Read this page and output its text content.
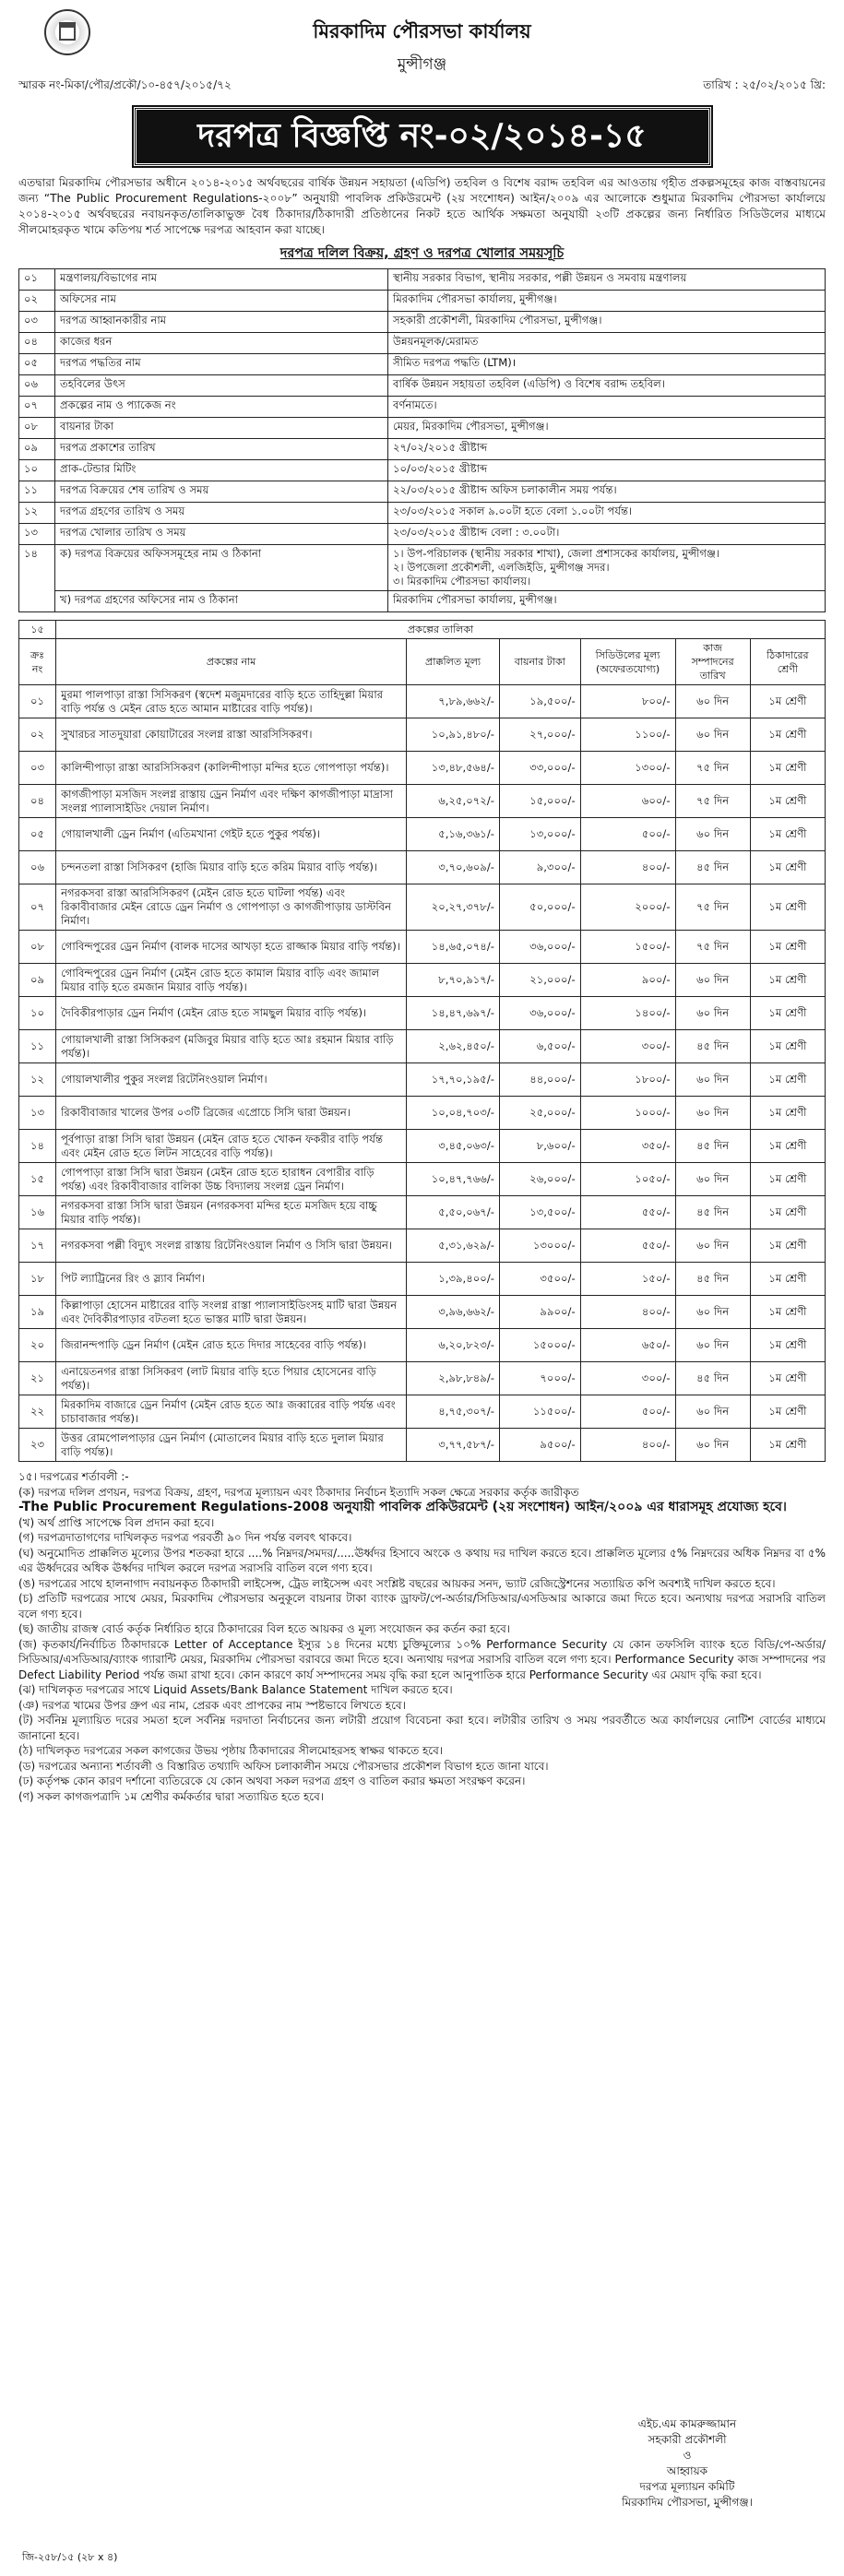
মিরকাদিম পৌরসভা কার্যালয়
মুন্সীগঞ্জ
স্মারক নং-মিকা/পৌর/প্রকৌ/১০-৪৫৭/২০১৫/৭২	তারিখ : ২৫/০২/২০১৫ খ্রি:
দরপত্র বিজ্ঞপ্তি নং-০২/২০১৪-১৫
এতদ্বারা মিরকাদিম পৌরসভার অধীনে ২০১৪-২০১৫ অর্থবছরের বার্ষিক উন্নয়ন সহায়তা (এডিপি) তহবিল ও বিশেষ বরাদ্দ তহবিল এর আওতায় গৃহীত প্রকল্পসমূহের কাজ বাস্তবায়নের জন্য “The Public Procurement Regulations-২০০৮” অনুযায়ী পাবলিক প্রকিউরমেন্ট (২য় সংশোধন) আইন/২০০৯ এর আলোকে শুধুমাত্র মিরকাদিম পৌরসভা কার্যালয়ে ২০১৪-২০১৫ অর্থবছরের নবায়নকৃত/তালিকাভুক্ত বৈধ ঠিকাদার/ঠিকাদারী প্রতিষ্ঠানের নিকট হতে আর্থিক সক্ষমতা অনুযায়ী ২৩টি প্রকল্পের জন্য নির্ধারিত সিডিউলের মাধ্যমে সীলমোহরকৃত খামে কতিপয় শর্ত সাপেক্ষে দরপত্র আহবান করা যাচ্ছে।
দরপত্র দলিল বিক্রয়, গ্রহণ ও দরপত্র খোলার সময়সূচি
০১	মন্ত্রণালয়/বিভাগের নাম	স্থানীয় সরকার বিভাগ, স্থানীয় সরকার, পল্লী উন্নয়ন ও সমবায় মন্ত্রণালয়
০২	অফিসের নাম	মিরকাদিম পৌরসভা কার্যালয়, মুন্সীগঞ্জ।
০৩	দরপত্র আহ্বানকারীর নাম	সহকারী প্রকৌশলী, মিরকাদিম পৌরসভা, মুন্সীগঞ্জ।
০৪	কাজের ধরন	উন্নয়নমূলক/মেরামত
০৫	দরপত্র পদ্ধতির নাম	সীমিত দরপত্র পদ্ধতি (LTM)।
০৬	তহবিলের উৎস	বার্ষিক উন্নয়ন সহায়তা তহবিল (এডিপি) ও বিশেষ বরাদ্দ তহবিল।
০৭	প্রকল্পের নাম ও প্যাকেজ নং	বর্ণনামতে।
০৮	বায়নার টাকা	মেয়র, মিরকাদিম পৌরসভা, মুন্সীগঞ্জ।
০৯	দরপত্র প্রকাশের তারিখ	২৭/০২/২০১৫ খ্রীষ্টাব্দ
১০	প্রাক-টেন্ডার মিটিং	১০/০৩/২০১৫ খ্রীষ্টাব্দ
১১	দরপত্র বিক্রয়ের শেষ তারিখ ও সময়	২২/০৩/২০১৫ খ্রীষ্টাব্দ অফিস চলাকালীন সময় পর্যন্ত।
১২	দরপত্র গ্রহণের তারিখ ও সময়	২৩/০৩/২০১৫ সকাল ৯.০০টা হতে বেলা ১.০০টা পর্যন্ত।
১৩	দরপত্র খোলার তারিখ ও সময়	২৩/০৩/২০১৫ খ্রীষ্টাব্দ বেলা : ৩.০০টা।
১৪	ক) দরপত্র বিক্রয়ের অফিসসমূহের নাম ও ঠিকানা	১। উপ-পরিচালক (স্থানীয় সরকার শাখা), জেলা প্রশাসকের কার্যালয়, মুন্সীগঞ্জ।
২। উপজেলা প্রকৌশলী, এলজিইডি, মুন্সীগঞ্জ সদর।
৩। মিরকাদিম পৌরসভা কার্যালয়।

	খ) দরপত্র গ্রহণের অফিসের নাম ও ঠিকানা	মিরকাদিম পৌরসভা কার্যালয়, মুন্সীগঞ্জ।
১৫	প্রকল্পের তালিকা					
ক্রঃ নং	প্রকল্পের নাম	প্রাক্কলিত মূল্য	বায়নার টাকা	সিডিউলের মূল্য (অফেরতযোগ্য)	কাজ সম্পাদনের তারিখ	ঠিকাদারের শ্রেণী
০১	মুরমা পালপাড়া রাস্তা সিসিকরণ (স্বদেশ মজুমদারের বাড়ি হতে তাহিদুল্লা মিয়ার বাড়ি পর্যন্ত ও মেইন রোড হতে আমান মাষ্টারের বাড়ি পর্যন্ত)।	৭,৮৯,৬৬২/-	১৯,৫০০/-	৮০০/-	৬০ দিন	১ম শ্রেণী
০২	সুখারচর সাতদুয়ারা কোয়াটারের সংলগ্ন রাস্তা আরসিসিকরণ।	১০,৯১,৪৮০/-	২৭,০০০/-	১১০০/-	৬০ দিন	১ম শ্রেণী
০৩	কালিন্দীপাড়া রাস্তা আরসিসিকরণ (কালিন্দীপাড়া মন্দির হতে গোপপাড়া পর্যন্ত)।	১৩,৪৮,৫৬৪/-	৩৩,০০০/-	১৩০০/-	৭৫ দিন	১ম শ্রেণী
০৪	কাগজীপাড়া মসজিদ সংলগ্ন রাস্তায় ড্রেন নির্মাণ এবং দক্ষিণ কাগজীপাড়া মাদ্রাসা সংলগ্ন প্যালাসাইডিং দেয়াল নির্মাণ।	৬,২৫,০৭২/-	১৫,০০০/-	৬০০/-	৭৫ দিন	১ম শ্রেণী
০৫	গোয়ালখালী ড্রেন নির্মাণ (এতিমখানা গেইট হতে পুকুর পর্যন্ত)।	৫,১৬,৩৬১/-	১৩,০০০/-	৫০০/-	৬০ দিন	১ম শ্রেণী
০৬	চন্দনতলা রাস্তা সিসিকরণ (হাজি মিয়ার বাড়ি হতে করিম মিয়ার বাড়ি পর্যন্ত)।	৩,৭০,৬০৯/-	৯,৩০০/-	৪০০/-	৪৫ দিন	১ম শ্রেণী
০৭	নগরকসবা রাস্তা আরসিসিকরণ (মেইন রোড হতে ঘাটলা পর্যন্ত) এবং রিকাবীবাজার মেইন রোডে ড্রেন নির্মাণ ও গোপপাড়া ও কাগজীপাড়ায় ডাস্টবিন নির্মাণ।	২০,২৭,৩৭৮/-	৫০,০০০/-	২০০০/-	৭৫ দিন	১ম শ্রেণী
০৮	গোবিন্দপুরের ড্রেন নির্মাণ (বালক দাসের আখড়া হতে রাজ্জাক মিয়ার বাড়ি পর্যন্ত)।	১৪,৬৫,০৭৪/-	৩৬,০০০/-	১৫০০/-	৭৫ দিন	১ম শ্রেণী
০৯	গোবিন্দপুরের ড্রেন নির্মাণ (মেইন রোড হতে কামাল মিয়ার বাড়ি এবং জামাল মিয়ার বাড়ি হতে রমজান মিয়ার বাড়ি পর্যন্ত)।	৮,৭০,৯১৭/-	২১,০০০/-	৯০০/-	৬০ দিন	১ম শ্রেণী
১০	দৈবিকীরপাড়ার ড্রেন নির্মাণ (মেইন রোড হতে সামছুল মিয়ার বাড়ি পর্যন্ত)।	১৪,৪৭,৬৯৭/-	৩৬,০০০/-	১৪০০/-	৬০ দিন	১ম শ্রেণী
১১	গোয়ালখালী রাস্তা সিসিকরণ (মজিবুর মিয়ার বাড়ি হতে আঃ রহমান মিয়ার বাড়ি পর্যন্ত)।	২,৬২,৪৫০/-	৬,৫০০/-	৩০০/-	৪৫ দিন	১ম শ্রেণী
১২	গোয়ালখালীর পুকুর সংলগ্ন রিটেনিংওয়াল নির্মাণ।	১৭,৭০,১৯৫/-	৪৪,০০০/-	১৮০০/-	৬০ দিন	১ম শ্রেণী
১৩	রিকাবীবাজার খালের উপর ০৩টি ব্রিজের এপ্রোচে সিসি দ্বারা উন্নয়ন।	১০,০৪,৭০৩/-	২৫,০০০/-	১০০০/-	৬০ দিন	১ম শ্রেণী
১৪	পূর্বপাড়া রাস্তা সিসি দ্বারা উন্নয়ন (মেইন রোড হতে খোকন ফকরীর বাড়ি পর্যন্ত এবং মেইন রোড হতে লিটন সাহেবের বাড়ি পর্যন্ত)।	৩,৪৫,০৬৩/-	৮,৬০০/-	৩৫০/-	৪৫ দিন	১ম শ্রেণী
১৫	গোপপাড়া রাস্তা সিসি দ্বারা উন্নয়ন (মেইন রোড হতে হারাধন বেপারীর বাড়ি পর্যন্ত) এবং রিকাবীবাজার বালিকা উচ্চ বিদ্যালয় সংলগ্ন ড্রেন নির্মাণ।	১০,৪৭,৭৬৬/-	২৬,০০০/-	১০৫০/-	৬০ দিন	১ম শ্রেণী
১৬	নগরকসবা রাস্তা সিসি দ্বারা উন্নয়ন (নগরকসবা মন্দির হতে মসজিদ হয়ে বাচ্চু মিয়ার বাড়ি পর্যন্ত)।	৫,৫০,০৬৭/-	১৩,৫০০/-	৫৫০/-	৪৫ দিন	১ম শ্রেণী
১৭	নগরকসবা পল্লী বিদ্যুৎ সংলগ্ন রাস্তায় রিটেনিংওয়াল নির্মাণ ও সিসি দ্বারা উন্নয়ন।	৫,৩১,৬২৯/-	১৩০০০/-	৫৫০/-	৬০ দিন	১ম শ্রেণী
১৮	পিট ল্যাট্রিনের রিং ও স্ল্যাব নির্মাণ।	১,৩৯,৪০০/-	৩৫০০/-	১৫০/-	৪৫ দিন	১ম শ্রেণী
১৯	কিল্লাপাড়া হোসেন মাষ্টারের বাড়ি সংলগ্ন রাস্তা প্যালাসাইডিংসহ মাটি দ্বারা উন্নয়ন এবং দৈবিকীরপাড়ার বটতলা হতে ভাস্তর মাটি দ্বারা উন্নয়ন।	৩,৯৬,৬৬২/-	৯৯০০/-	৪০০/-	৬০ দিন	১ম শ্রেণী
২০	জিরানন্দপাড়ি ড্রেন নির্মাণ (মেইন রোড হতে দিদার সাহেবের বাড়ি পর্যন্ত)।	৬,২০,৮২৩/-	১৫০০০/-	৬৫০/-	৬০ দিন	১ম শ্রেণী
২১	এনায়েতনগর রাস্তা সিসিকরণ (লাট মিয়ার বাড়ি হতে পিয়ার হোসেনের বাড়ি পর্যন্ত)।	২,৯৮,৮৪৯/-	৭০০০/-	৩০০/-	৪৫ দিন	১ম শ্রেণী
২২	মিরকাদিম বাজারে ড্রেন নির্মাণ (মেইন রোড হতে আঃ জব্বারের বাড়ি পর্যন্ত এবং চাচাবাজার পর্যন্ত)।	৪,৭৫,৩০৭/-	১১৫০০/-	৫০০/-	৬০ দিন	১ম শ্রেণী
২৩	উত্তর রোমপোলপাড়ার ড্রেন নির্মাণ (মোতালেব মিয়ার বাড়ি হতে দুলাল মিয়ার বাড়ি পর্যন্ত)।	৩,৭৭,৫৮৭/-	৯৫০০/-	৪০০/-	৬০ দিন	১ম শ্রেণী
১৫। দরপত্রের শর্তাবলী :-
(ক) দরপত্র দলিল প্রণয়ন, দরপত্র বিক্রয়, গ্রহণ, দরপত্র মূল্যায়ন এবং ঠিকাদার নির্বাচন ইত্যাদি সকল ক্ষেত্রে সরকার কর্তৃক জারীকৃত
-The Public Procurement Regulations-2008 অনুযায়ী পাবলিক প্রকিউরমেন্ট (২য় সংশোধন) আইন/২০০৯ এর ধারাসমূহ প্রযোজ্য হবে।
(খ) অর্থ প্রাপ্তি সাপেক্ষে বিল প্রদান করা হবে।
(গ) দরপত্রদাতাগণের দাখিলকৃত দরপত্র পরবর্তী ৯০ দিন পর্যন্ত বলবৎ থাকবে।
(ঘ) অনুমোদিত প্রাক্কলিত মূল্যের উপর শতকরা হারে ....% নিম্নদর/সমদর/.....ঊর্ধ্বদর হিসাবে অংকে ও কথায় দর দাখিল করতে হবে। প্রাক্কলিত মূল্যের ৫% নিম্নদরের অধিক নিম্নদর বা ৫% এর ঊর্ধ্বদরের অধিক ঊর্ধ্বদর দাখিল করলে দরপত্র সরাসরি বাতিল বলে গণ্য হবে।
(ঙ) দরপত্রের সাথে হালনাগাদ নবায়নকৃত ঠিকাদারী লাইসেন্স, ট্রেড লাইসেন্স এবং সংশ্লিষ্ট বছরের আয়কর সনদ, ভ্যাট রেজিস্ট্রেশনের সত্যায়িত কপি অবশ্যই দাখিল করতে হবে।
(চ) প্রতিটি দরপত্রের সাথে মেয়র, মিরকাদিম পৌরসভার অনুকূলে বায়নার টাকা ব্যাংক ড্রাফট/পে-অর্ডার/সিডিআর/এসডিআর আকারে জমা দিতে হবে। অন্যথায় দরপত্র সরাসরি বাতিল বলে গণ্য হবে।
(ছ) জাতীয় রাজস্ব বোর্ড কর্তৃক নির্ধারিত হারে ঠিকাদারের বিল হতে আয়কর ও মূল্য সংযোজন কর কর্তন করা হবে।
(জ) কৃতকার্য/নির্বাচিত ঠিকাদারকে Letter of Acceptance ইস্যুর ১৪ দিনের মধ্যে চুক্তিমূল্যের ১০% Performance Security যে কোন তফসিলি ব্যাংক হতে বিডি/পে-অর্ডার/সিডিআর/এসডিআর/ব্যাংক গ্যারান্টি মেয়র, মিরকাদিম পৌরসভা বরাবরে জমা দিতে হবে। অন্যথায় দরপত্র সরাসরি বাতিল বলে গণ্য হবে। Performance Security কাজ সম্পাদনের পর Defect Liability Period পর্যন্ত জমা রাখা হবে। কোন কারণে কার্য সম্পাদনের সময় বৃদ্ধি করা হলে আনুপাতিক হারে Performance Security এর মেয়াদ বৃদ্ধি করা হবে।
(ঝ) দাখিলকৃত দরপত্রের সাথে Liquid Assets/Bank Balance Statement দাখিল করতে হবে।
(ঞ) দরপত্র খামের উপর গ্রুপ এর নাম, প্রেরক এবং প্রাপকের নাম স্পষ্টভাবে লিখতে হবে।
(ট) সর্বনিম্ন মূল্যায়িত দরের সমতা হলে সর্বনিম্ন দরদাতা নির্বাচনের জন্য লটারী প্রয়োগ বিবেচনা করা হবে। লটারীর তারিখ ও সময় পরবর্তীতে অত্র কার্যালয়ের নোটিশ বোর্ডের মাধ্যমে জানানো হবে।
(ঠ) দাখিলকৃত দরপত্রের সকল কাগজের উভয় পৃষ্ঠায় ঠিকাদারের সীলমোহরসহ স্বাক্ষর থাকতে হবে।
(ড) দরপত্রের অন্যান্য শর্তাবলী ও বিস্তারিত তথ্যাদি অফিস চলাকালীন সময়ে পৌরসভার প্রকৌশল বিভাগ হতে জানা যাবে।
(ঢ) কর্তৃপক্ষ কোন কারণ দর্শানো ব্যতিরেকে যে কোন অথবা সকল দরপত্র গ্রহণ ও বাতিল করার ক্ষমতা সংরক্ষণ করেন।
(ণ) সকল কাগজপত্রাদি ১ম শ্রেণীর কর্মকর্তার দ্বারা সত্যায়িত হতে হবে।
এইচ.এম কামরুজ্জামান
সহকারী প্রকৌশলী
ও
আহ্বায়ক
দরপত্র মূল্যায়ন কমিটি
মিরকাদিম পৌরসভা, মুন্সীগঞ্জ।
জি-২৫৮/১৫ (২৮ x ৪)
